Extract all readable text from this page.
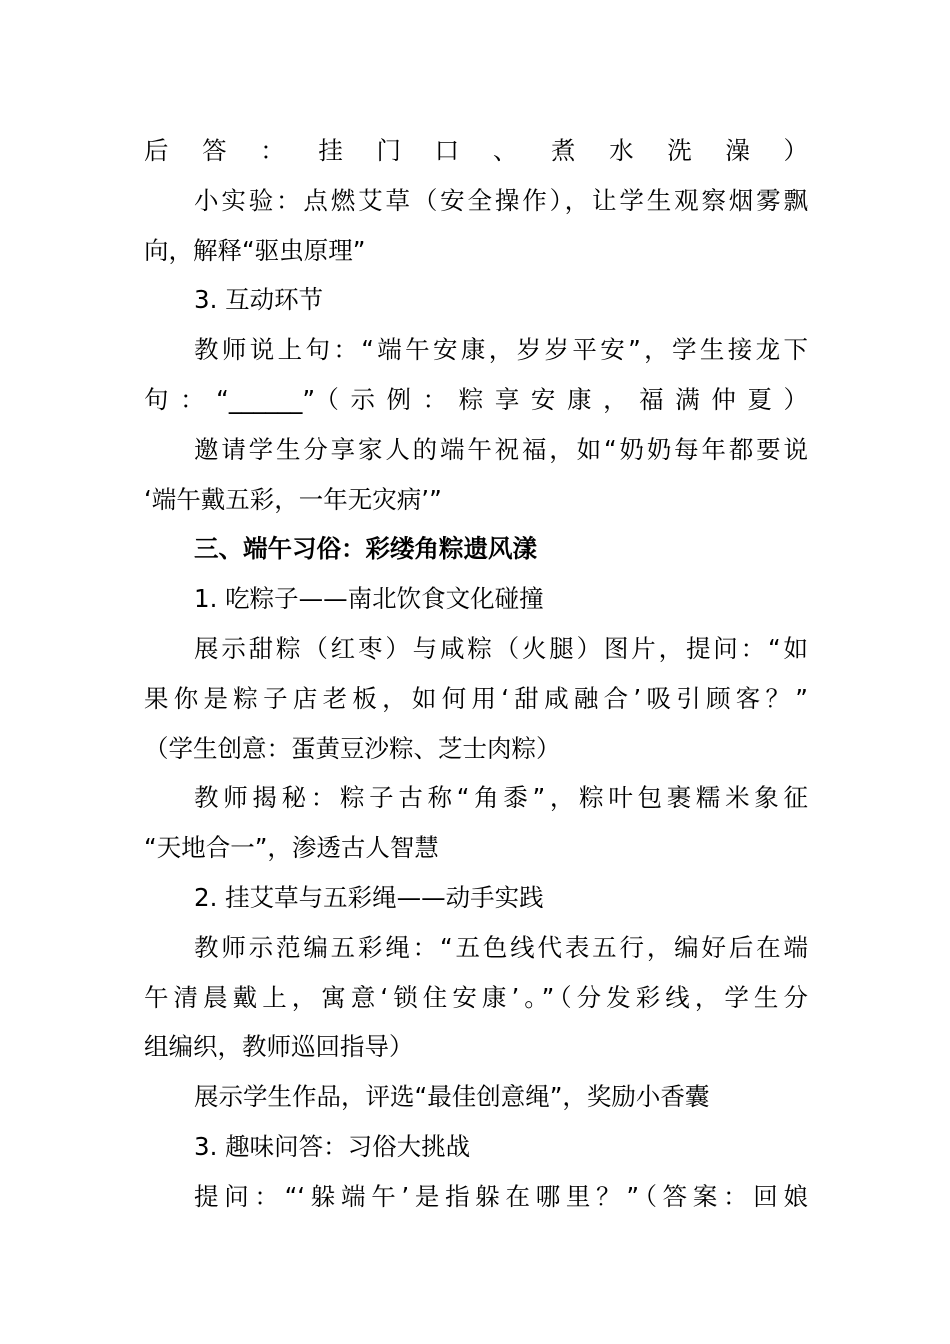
后答：挂门口、煮水洗澡）
小实验：点燃艾草（安全操作），让学生观察烟雾飘
向，解释“驱虫原理”
3. 互动环节
教师说上句：“端午安康，岁岁平安”，学生接龙下
句：“______”（示例：粽享安康，福满仲夏）
邀请学生分享家人的端午祝福，如“奶奶每年都要说
‘端午戴五彩，一年无灾病’”
三、端午习俗：彩缕角粽遗风漾
1. 吃粽子——南北饮食文化碰撞
展示甜粽（红枣）与咸粽（火腿）图片，提问：“如
果你是粽子店老板，如何用‘甜咸融合’吸引顾客？”
（学生创意：蛋黄豆沙粽、芝士肉粽）
教师揭秘：粽子古称“角黍”，粽叶包裹糯米象征
“天地合一”，渗透古人智慧
2. 挂艾草与五彩绳——动手实践
教师示范编五彩绳：“五色线代表五行，编好后在端
午清晨戴上，寓意‘锁住安康’。”（分发彩线，学生分
组编织，教师巡回指导）
展示学生作品，评选“最佳创意绳”，奖励小香囊
3. 趣味问答：习俗大挑战
提问：“‘躲端午’是指躲在哪里？”（答案：回娘
